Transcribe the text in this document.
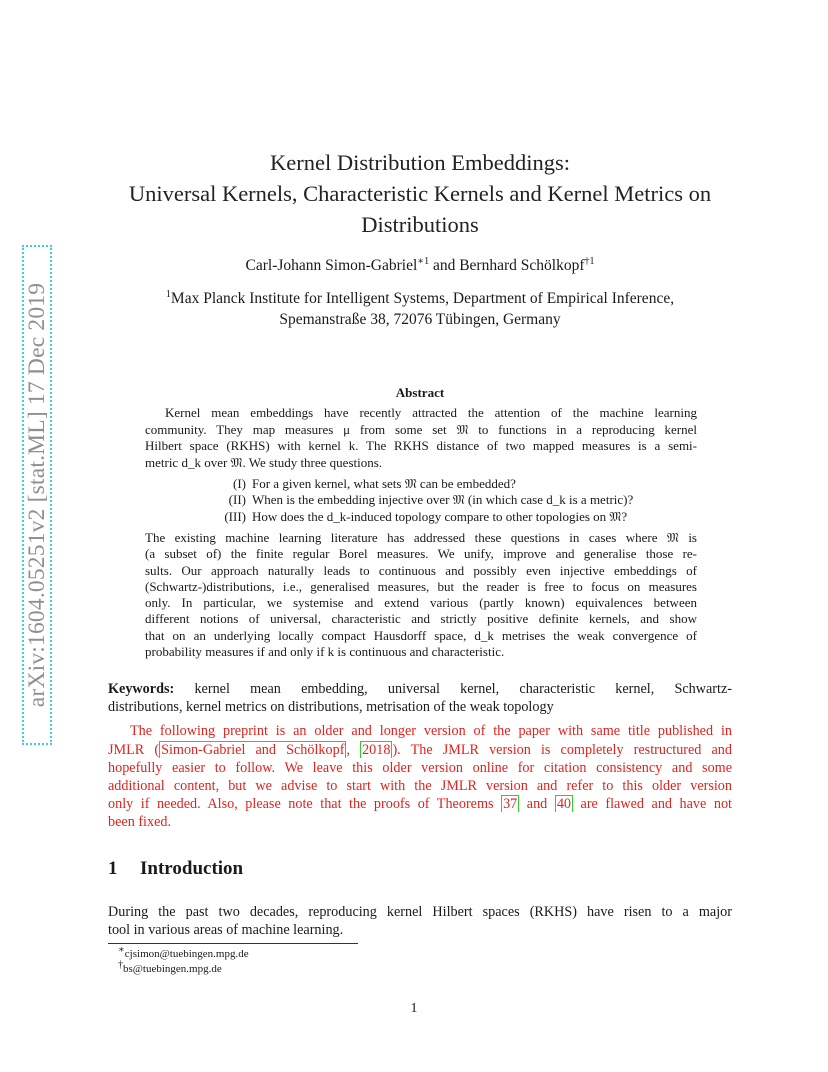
arXiv:1604.05251v2 [stat.ML] 17 Dec 2019
Kernel Distribution Embeddings:
Universal Kernels, Characteristic Kernels and Kernel Metrics on
Distributions
Carl-Johann Simon-Gabriel$^{∗1}$ and Bernhard Schölkopf$^{\dagger 1}$
$^1$Max Planck Institute for Intelligent Systems, Department of Empirical Inference,
Spemanstraße 38, 72076 Tübingen, Germany
Abstract
Kernel mean embeddings have recently attracted the attention of the machine learning
community. They map measures μ from some set 𝔐 to functions in a reproducing kernel
Hilbert space (RKHS) with kernel k. The RKHS distance of two mapped measures is a semi-
metric d_k over 𝔐. We study three questions.
(I) For a given kernel, what sets 𝔐 can be embedded?
(II) When is the embedding injective over 𝔐 (in which case d_k is a metric)?
(III) How does the d_k-induced topology compare to other topologies on 𝔐?
The existing machine learning literature has addressed these questions in cases where 𝔐 is
(a subset of) the finite regular Borel measures. We unify, improve and generalise those re-
sults. Our approach naturally leads to continuous and possibly even injective embeddings of
(Schwartz-)distributions, i.e., generalised measures, but the reader is free to focus on measures
only. In particular, we systemise and extend various (partly known) equivalences between
different notions of universal, characteristic and strictly positive definite kernels, and show
that on an underlying locally compact Hausdorff space, d_k metrises the weak convergence of
probability measures if and only if k is continuous and characteristic.
Keywords: kernel mean embedding, universal kernel, characteristic kernel, Schwartz-
distributions, kernel metrics on distributions, metrisation of the weak topology
The following preprint is an older and longer version of the paper with same title published in
JMLR ( Simon-Gabriel and Schölkopf , 2018 ). The JMLR version is completely restructured and
hopefully easier to follow. We leave this older version online for citation consistency and some
additional content, but we advise to start with the JMLR version and refer to this older version
only if needed. Also, please note that the proofs of Theorems 37 and 40 are flawed and have not
been fixed.
1 Introduction
During the past two decades, reproducing kernel Hilbert spaces (RKHS) have risen to a major
tool in various areas of machine learning.
∗cjsimon@tuebingen.mpg.de
†bs@tuebingen.mpg.de
1
